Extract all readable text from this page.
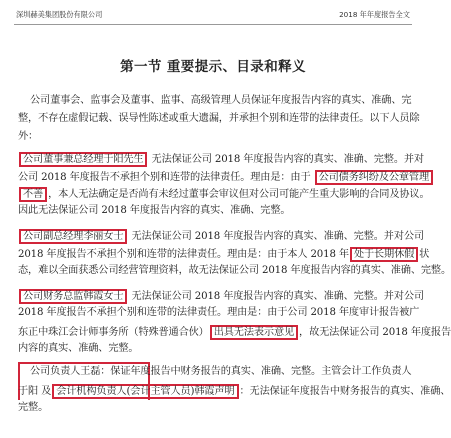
深圳赫美集团股份有限公司	2018 年年度报告全文
第一节 重要提示、目录和释义
公司董事会、监事会及董事、监事、高级管理人员保证年度报告内容的真实、准确、完
整，不存在虚假记载、误导性陈述或重大遗漏，并承担个别和连带的法律责任。以下人员除
外：
公司董事兼总经理于阳先生 无法保证公司 2018 年度报告内容的真实、准确、完整。并对
公司 2018 年度报告不承担个别和连带的法律责任。理由是：由于 公司债务纠纷及公章管理
不善 ，本人无法确定是否尚有未经过董事会审议但对公司可能产生重大影响的合同及协议。
因此无法保证公司 2018 年度报告内容的真实、准确、完整。
公司副总经理李丽女士 无法保证公司 2018 年度报告内容的真实、准确、完整。并对公司
2018 年度报告不承担个别和连带的法律责任。理由是：由于本人 2018 年 处于长期休假 状
态，难以全面获悉公司经营管理资料，故无法保证公司 2018 年度报告内容的真实、准确、完整。
公司财务总监韩霞女士 无法保证公司 2018 年度报告内容的真实、准确、完整。并对公司
2018 年度报告不承担个别和连带的法律责任。理由是：由于公司 2018 年度审计报告被广
东正中珠江会计师事务所（特殊普通合伙） 出具无法表示意见 ，故无法保证公司 2018 年度报告
内容的真实、准确、完整。
公司负责人王磊：保证年度报告中财务报告的真实、准确、完整。主管会计工作负责人
于阳 及 会计机构负责人(会计主管人员)韩霞声明 ：无法保证年度报告中财务报告的真实、准确、
完整。
